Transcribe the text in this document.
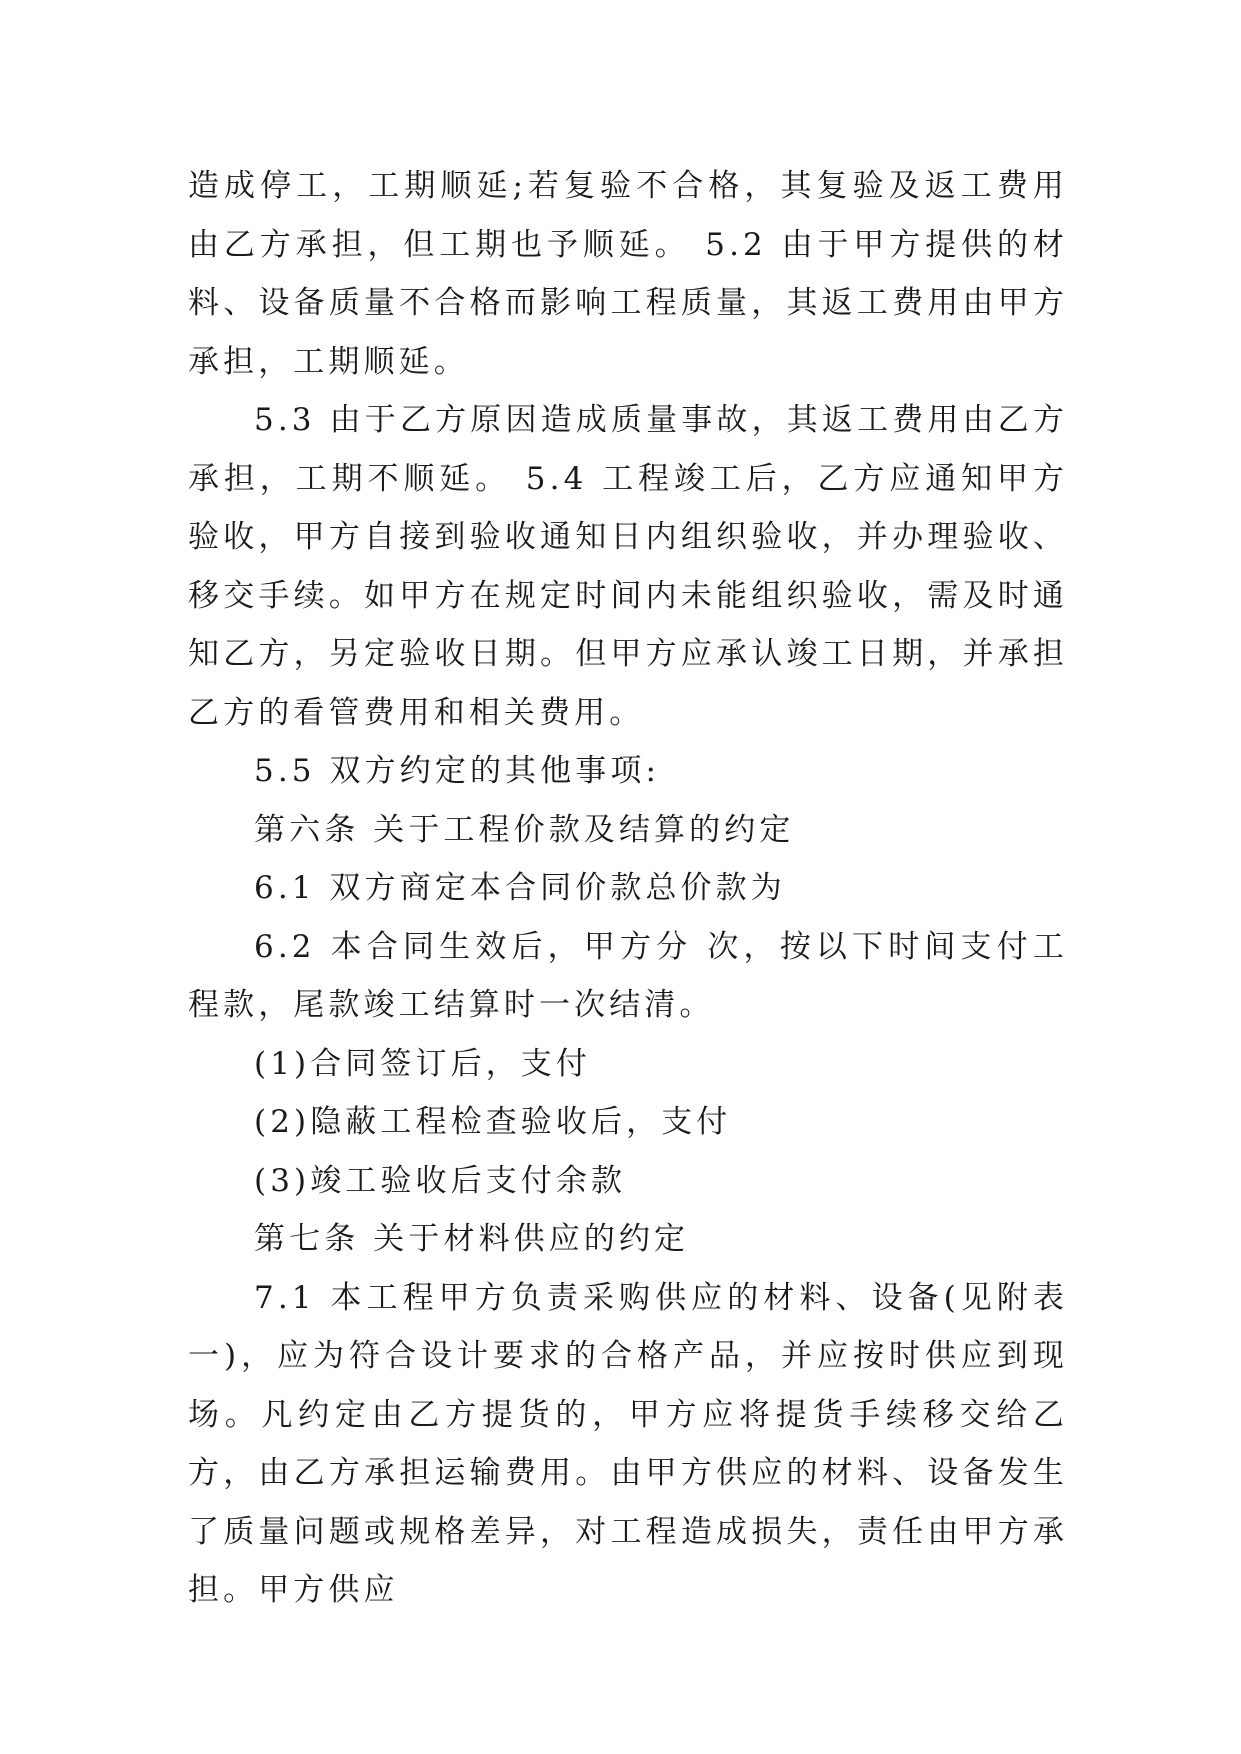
造成停工，工期顺延;若复验不合格，其复验及返工费用由乙方承担，但工期也予顺延。 5.2 由于甲方提供的材料、设备质量不合格而影响工程质量，其返工费用由甲方承担，工期顺延。

5.3 由于乙方原因造成质量事故，其返工费用由乙方承担，工期不顺延。 5.4 工程竣工后，乙方应通知甲方验收，甲方自接到验收通知日内组织验收，并办理验收、移交手续。如甲方在规定时间内未能组织验收，需及时通知乙方，另定验收日期。但甲方应承认竣工日期，并承担乙方的看管费用和相关费用。

5.5 双方约定的其他事项:

第六条 关于工程价款及结算的约定

6.1 双方商定本合同价款总价款为

6.2 本合同生效后，甲方分 次，按以下时间支付工程款，尾款竣工结算时一次结清。

(1)合同签订后，支付

(2)隐蔽工程检查验收后，支付

(3)竣工验收后支付余款

第七条 关于材料供应的约定

7.1 本工程甲方负责采购供应的材料、设备(见附表一)，应为符合设计要求的合格产品，并应按时供应到现场。凡约定由乙方提货的，甲方应将提货手续移交给乙方，由乙方承担运输费用。由甲方供应的材料、设备发生了质量问题或规格差异，对工程造成损失，责任由甲方承担。甲方供应
